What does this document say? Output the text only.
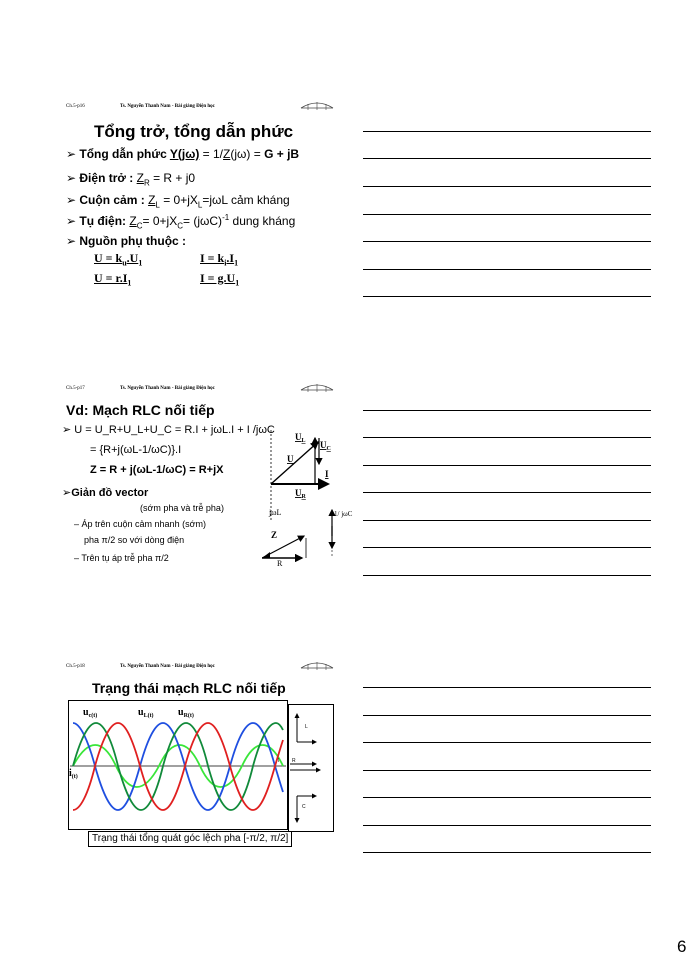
Ch.5-p16	Ts. Nguyễn Thanh Nam - Bài giảng Điện học
Tổng trở, tổng dẫn phức
➢ Tổng dẫn phức Y(jω) = 1/Z(jω) = G + jB
➢ Điện trở : $Z_R = R + j0$
➢ Cuộn cảm : $Z_L = 0+jX_L=j\omega L$ cảm kháng
➢ Tụ điện: $Z_C= 0+jX_C= (j\omega C)^{-1}$ dung kháng
➢ Nguồn phụ thuộc :
$U = k_u.U_1$	$I = k_i.I_1$
$U = r.I_1$	$I = g.U_1$
Ch.5-p17	Ts. Nguyễn Thanh Nam - Bài giảng Điện học
Vd: Mạch RLC nối tiếp
➢ U = U_R+U_L+U_C = R.I + jωL.I + I /jωC
= {R+j(ωL-1/ωC)}.I
Z = R + j(ωL-1/ωC) = R+jX
➢Giản đồ vector
(sớm pha và trễ pha)
– Áp trên cuộn cảm nhanh (sớm)
pha π/2 so với dòng điện
– Trên tụ áp trễ pha π/2
$U_L$ $U_C$
U
I
$U_R$
jωL	1/ jωC
Z
R
Ch.5-p18	Ts. Nguyễn Thanh Nam - Bài giảng Điện học
Trạng thái mạch RLC nối tiếp
$u_{c(t)}$	$u_{L(t)}$ $u_{R(t)}$
$i_{(t)}$
L
I	R
C
Trạng thái tổng quát góc lệch pha [-π/2, π/2]
6
